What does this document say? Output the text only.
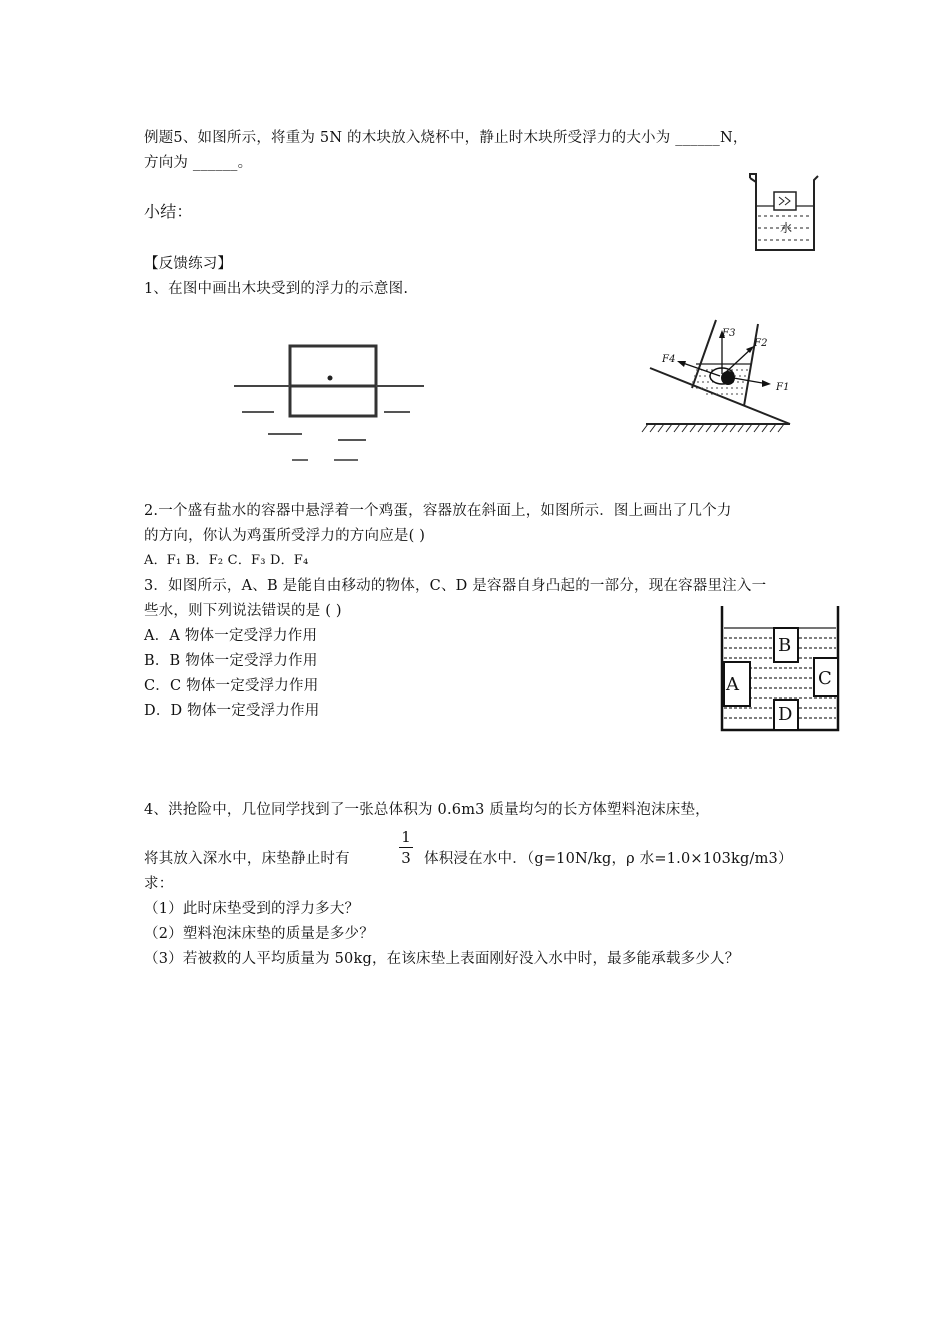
例题5、如图所示，将重为 5N 的木块放入烧杯中，静止时木块所受浮力的大小为 ______N，
方向为 ______。
水
小结：
【反馈练习】
1、在图中画出木块受到的浮力的示意图.
F3
F2
F4
F1
2.一个盛有盐水的容器中悬浮着一个鸡蛋，容器放在斜面上，如图所示．图上画出了几个力
的方向，你认为鸡蛋所受浮力的方向应是( )
A．F₁ B．F₂ C．F₃ D．F₄
3．如图所示，A、B 是能自由移动的物体，C、D 是容器自身凸起的一部分，现在容器里注入一
些水，则下列说法错误的是 ( )
A．A 物体一定受浮力作用
B．B 物体一定受浮力作用
C．C 物体一定受浮力作用
D．D 物体一定受浮力作用
B
A	C
D
4、洪抢险中，几位同学找到了一张总体积为 0.6m3 质量均匀的长方体塑料泡沫床垫，
将其放入深水中，床垫静止时有
1
3 体积浸在水中．（g=10N/kg，ρ 水=1.0×103kg/m3）
求：
（1）此时床垫受到的浮力多大？
（2）塑料泡沫床垫的质量是多少？
（3）若被救的人平均质量为 50kg，在该床垫上表面刚好没入水中时，最多能承载多少人？
